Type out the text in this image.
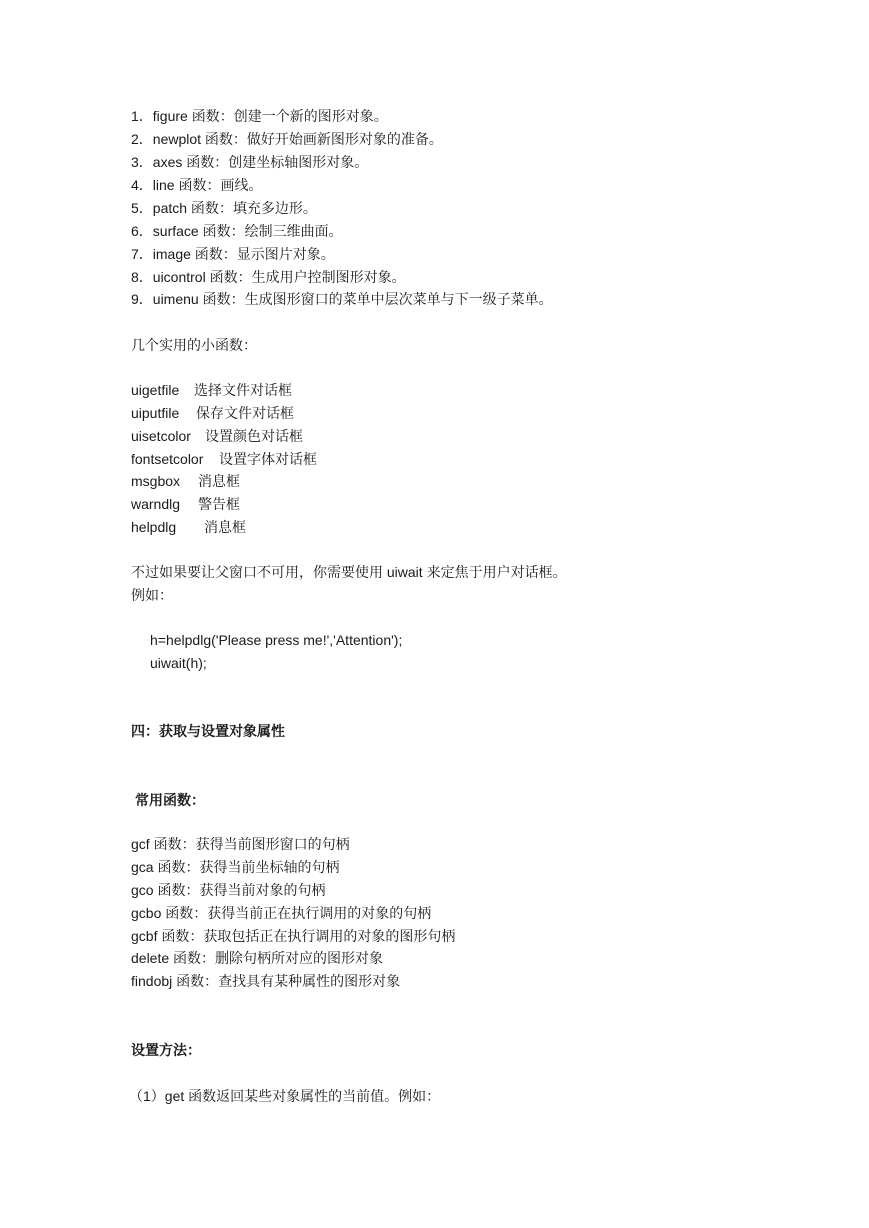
1．figure 函数：创建一个新的图形对象。
2．newplot 函数：做好开始画新图形对象的准备。
3．axes 函数：创建坐标轴图形对象。
4．line 函数：画线。
5．patch 函数：填充多边形。
6．surface 函数：绘制三维曲面。
7．image 函数：显示图片对象。
8．uicontrol 函数：生成用户控制图形对象。
9．uimenu 函数：生成图形窗口的菜单中层次菜单与下一级子菜单。
几个实用的小函数：
uigetfile 选择文件对话框
uiputfile 保存文件对话框
uisetcolor 设置颜色对话框
fontsetcolor 设置字体对话框
msgbox 消息框
warndlg 警告框
helpdlg 消息框
不过如果要让父窗口不可用，你需要使用 uiwait 来定焦于用户对话框。
例如：
h=helpdlg('Please press me!','Attention');
uiwait(h);
四：获取与设置对象属性
常用函数：
gcf 函数：获得当前图形窗口的句柄
gca 函数：获得当前坐标轴的句柄
gco 函数：获得当前对象的句柄
gcbo 函数：获得当前正在执行调用的对象的句柄
gcbf 函数：获取包括正在执行调用的对象的图形句柄
delete 函数：删除句柄所对应的图形对象
findobj 函数：查找具有某种属性的图形对象
设置方法：
（1）get 函数返回某些对象属性的当前值。例如：
